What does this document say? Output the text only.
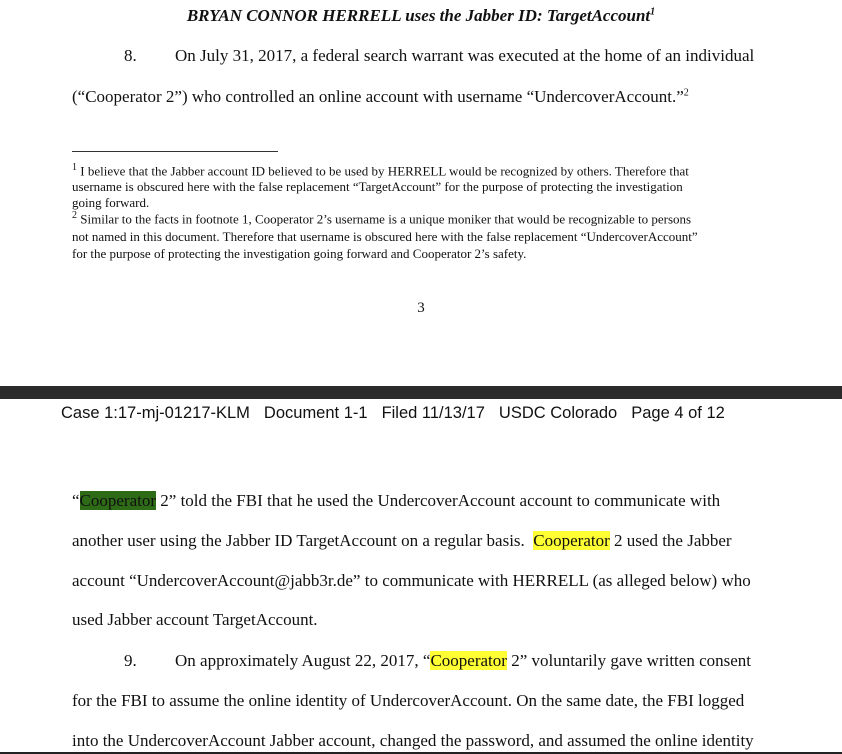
BRYAN CONNOR HERRELL uses the Jabber ID: TargetAccount$^1$
8. On July 31, 2017, a federal search warrant was executed at the home of an individual
(“Cooperator 2”) who controlled an online account with username “UndercoverAccount.”$^2$
$^1$ I believe that the Jabber account ID believed to be used by HERRELL would be recognized by others. Therefore that
username is obscured here with the false replacement “TargetAccount” for the purpose of protecting the investigation
going forward.
$^2$ Similar to the facts in footnote 1, Cooperator 2’s username is a unique moniker that would be recognizable to persons
not named in this document. Therefore that username is obscured here with the false replacement “UndercoverAccount”
for the purpose of protecting the investigation going forward and Cooperator 2’s safety.
3
Case 1:17-mj-01217-KLM Document 1-1 Filed 11/13/17 USDC Colorado Page 4 of 12
“Cooperator 2” told the FBI that he used the UndercoverAccount account to communicate with
another user using the Jabber ID TargetAccount on a regular basis.  Cooperator 2 used the Jabber
account “UndercoverAccount@jabb3r.de” to communicate with HERRELL (as alleged below) who
used Jabber account TargetAccount.
9. On approximately August 22, 2017, “Cooperator 2” voluntarily gave written consent
for the FBI to assume the online identity of UndercoverAccount. On the same date, the FBI logged
into the UndercoverAccount Jabber account, changed the password, and assumed the online identity
